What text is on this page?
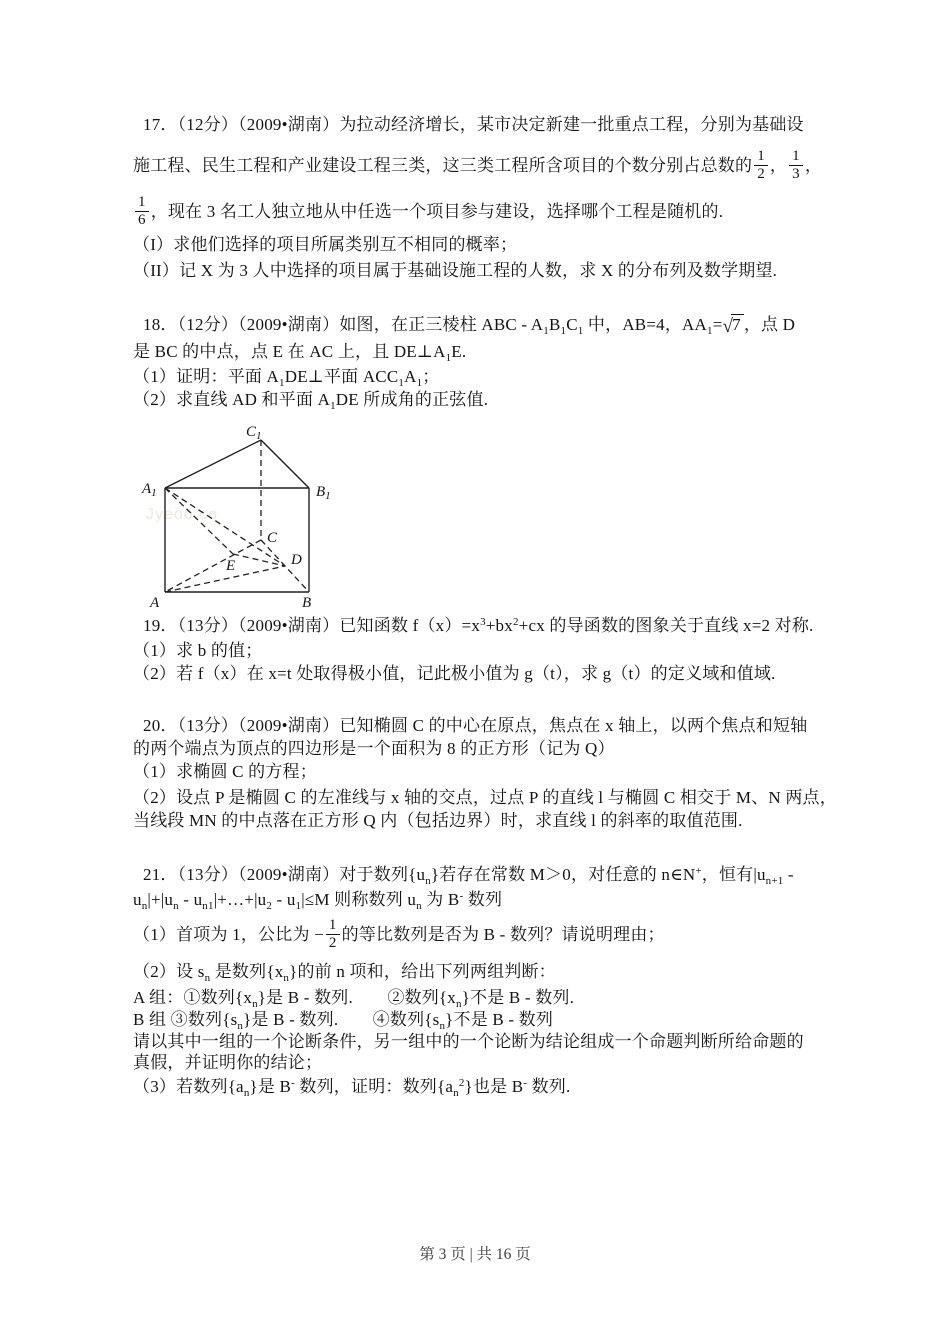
17．（12分）（2009•湖南）为拉动经济增长，某市决定新建一批重点工程，分别为基础设
施工程、民生工程和产业建设工程三类，这三类工程所含项目的个数分别占总数的 $\frac{1}{2}$ ， $\frac{1}{3}$ ，
$\frac{1}{6}$ ，现在 3 名工人独立地从中任选一个项目参与建设，选择哪个工程是随机的.
（I）求他们选择的项目所属类别互不相同的概率；
（II）记 X 为 3 人中选择的项目属于基础设施工程的人数，求 X 的分布列及数学期望.
18．（12分）（2009•湖南）如图，在正三棱柱 ABC - $A_1B_1C_1$ 中，AB=4，$AA_1=√7$ ，点 D
是 BC 的中点，点 E 在 AC 上，且 $DE\perp A_1E$.
（1）证明：平面 $A_1DE\perp$平面 $ACC_1A_1$；
（2）求直线 AD 和平面 $A_1DE$ 所成角的正弦值.
Jyeoo.co
$C_1$
$A_1$	$B_1$
C
E	D
A	B
19．（13分）（2009•湖南）已知函数 $f(x)=x^3+bx^2+cx$ 的导函数的图象关于直线 x=2 对称.
（1）求 b 的值；
（2）若 f（x）在 x=t 处取得极小值，记此极小值为 g（t），求 g（t）的定义域和值域.
20．（13分）（2009•湖南）已知椭圆 C 的中心在原点，焦点在 x 轴上，以两个焦点和短轴
的两个端点为顶点的四边形是一个面积为 8 的正方形（记为 Q）
（1）求椭圆 C 的方程；
（2）设点 P 是椭圆 C 的左准线与 x 轴的交点，过点 P 的直线 l 与椭圆 C 相交于 M、N 两点，
当线段 MN 的中点落在正方形 Q 内（包括边界）时，求直线 l 的斜率的取值范围.
21．（13分）（2009•湖南）对于数列$\{u_n\}$若存在常数 M＞0，对任意的 n∈N+，恒有$|u_{n+1}$ -
$u_n|+|u_n$ - $u_{n1}|+\dots+|u_2 - u_1|\le M$ 则称数列 $u_n$ 为 B- 数列
（1）首项为 1，公比为 − $\frac{1}{2}$ 的等比数列是否为 B - 数列？请说明理由；
（2）设 $s_n$ 是数列$\{x_n\}$的前 n 项和，给出下列两组判断：
A 组：①数列$\{x_n\}$是 B - 数列.　　②数列$\{x_n\}$不是 B - 数列.
B 组 ③数列$\{s_n\}$是 B - 数列.　　④数列$\{s_n\}$不是 B - 数列
请以其中一组的一个论断条件，另一组中的一个论断为结论组成一个命题判断所给命题的
真假，并证明你的结论；
（3）若数列$\{a_n\}$是 B- 数列，证明：数列$\{a_n^2\}$也是 B- 数列.
第 3 页 | 共 16 页
